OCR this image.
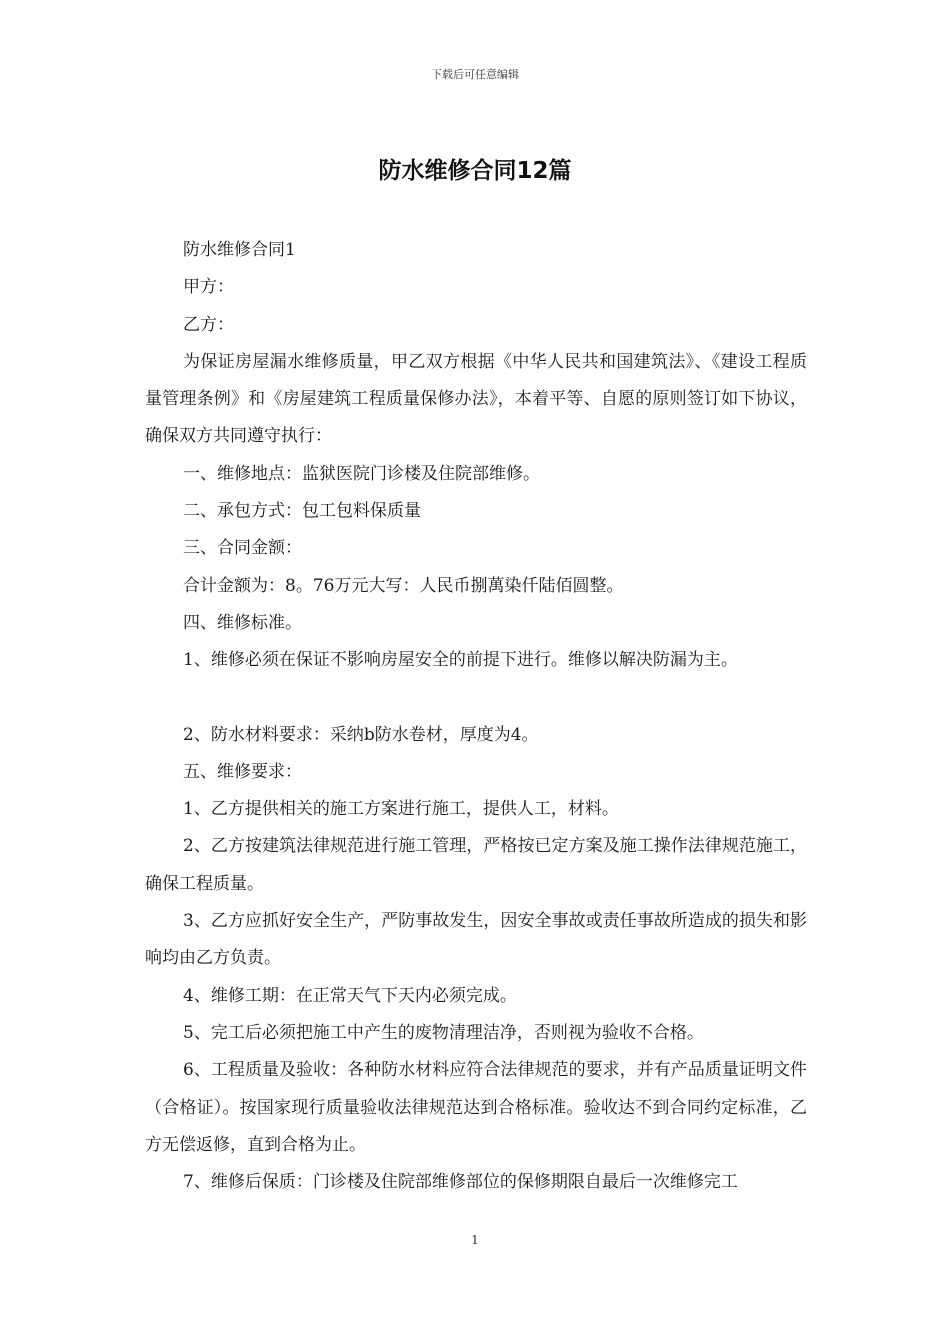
下载后可任意编辑
防水维修合同12篇

防水维修合同1

甲方：

乙方：

为保证房屋漏水维修质量，甲乙双方根据《中华人民共和国建筑法》、《建设工程质量管理条例》和《房屋建筑工程质量保修办法》，本着平等、自愿的原则签订如下协议，确保双方共同遵守执行：

一、维修地点：监狱医院门诊楼及住院部维修。

二、承包方式：包工包料保质量

三、合同金额：

合计金额为：8。76万元大写：人民币捌萬染仟陆佰圆整。

四、维修标准。

1、维修必须在保证不影响房屋安全的前提下进行。维修以解决防漏为主。

2、防水材料要求：采纳b防水卷材，厚度为4。

五、维修要求：

1、乙方提供相关的施工方案进行施工，提供人工，材料。

2、乙方按建筑法律规范进行施工管理，严格按已定方案及施工操作法律规范施工，确保工程质量。

3、乙方应抓好安全生产，严防事故发生，因安全事故或责任事故所造成的损失和影响均由乙方负责。

4、维修工期：在正常天气下天内必须完成。

5、完工后必须把施工中产生的废物清理洁净，否则视为验收不合格。

6、工程质量及验收：各种防水材料应符合法律规范的要求，并有产品质量证明文件（合格证）。按国家现行质量验收法律规范达到合格标准。验收达不到合同约定标准，乙方无偿返修，直到合格为止。

7、维修后保质：门诊楼及住院部维修部位的保修期限自最后一次维修完工

1
